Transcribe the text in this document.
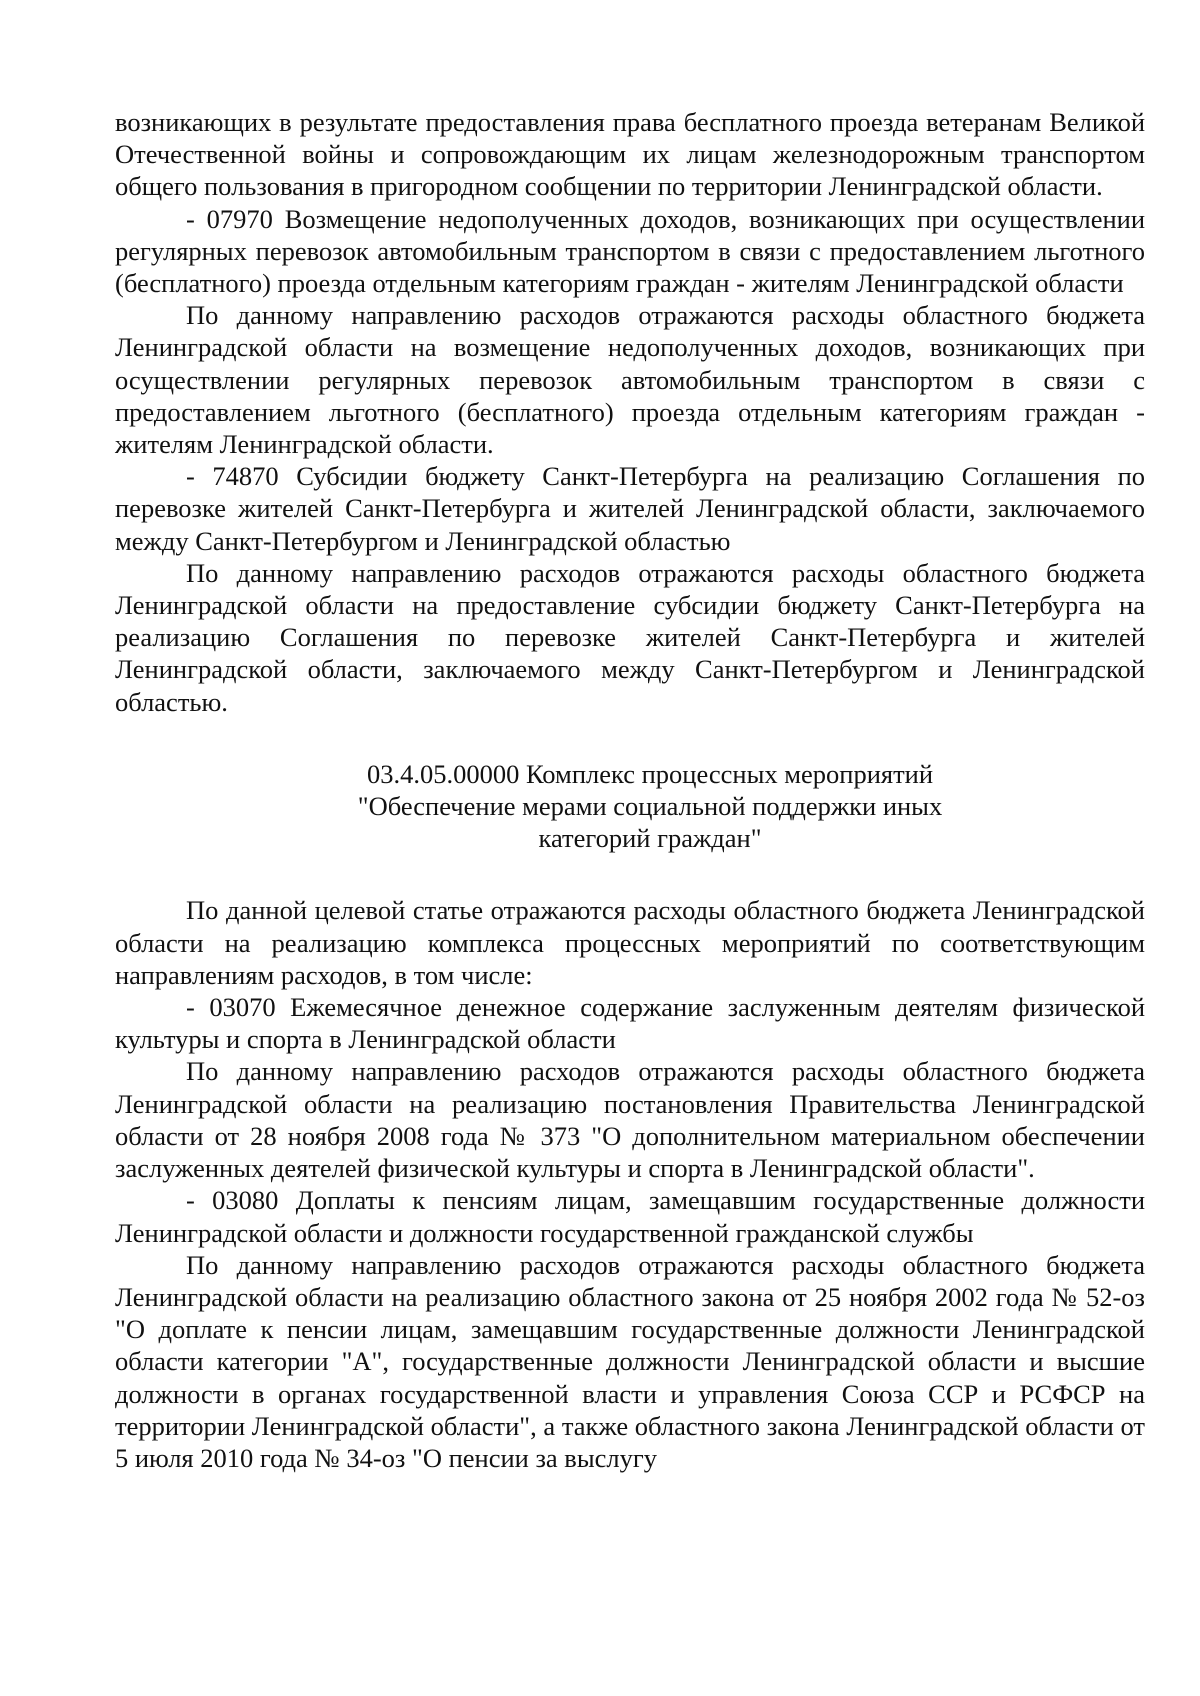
возникающих в результате предоставления права бесплатного проезда ветеранам Великой Отечественной войны и сопровождающим их лицам железнодорожным транспортом общего пользования в пригородном сообщении по территории Ленинградской области.

- 07970 Возмещение недополученных доходов, возникающих при осуществлении регулярных перевозок автомобильным транспортом в связи с предоставлением льготного (бесплатного) проезда отдельным категориям граждан - жителям Ленинградской области

По данному направлению расходов отражаются расходы областного бюджета Ленинградской области на возмещение недополученных доходов, возникающих при осуществлении регулярных перевозок автомобильным транспортом в связи с предоставлением льготного (бесплатного) проезда отдельным категориям граждан - жителям Ленинградской области.

- 74870 Субсидии бюджету Санкт-Петербурга на реализацию Соглашения по перевозке жителей Санкт-Петербурга и жителей Ленинградской области, заключаемого между Санкт-Петербургом и Ленинградской областью

По данному направлению расходов отражаются расходы областного бюджета Ленинградской области на предоставление субсидии бюджету Санкт-Петербурга на реализацию Соглашения по перевозке жителей Санкт-Петербурга и жителей Ленинградской области, заключаемого между Санкт-Петербургом и Ленинградской областью.

03.4.05.00000 Комплекс процессных мероприятий
"Обеспечение мерами социальной поддержки иных
категорий граждан"

По данной целевой статье отражаются расходы областного бюджета Ленинградской области на реализацию комплекса процессных мероприятий по соответствующим направлениям расходов, в том числе:

- 03070 Ежемесячное денежное содержание заслуженным деятелям физической культуры и спорта в Ленинградской области

По данному направлению расходов отражаются расходы областного бюджета Ленинградской области на реализацию постановления Правительства Ленинградской области от 28 ноября 2008 года № 373 "О дополнительном материальном обеспечении заслуженных деятелей физической культуры и спорта в Ленинградской области".

- 03080 Доплаты к пенсиям лицам, замещавшим государственные должности Ленинградской области и должности государственной гражданской службы

По данному направлению расходов отражаются расходы областного бюджета Ленинградской области на реализацию областного закона от 25 ноября 2002 года № 52-оз "О доплате к пенсии лицам, замещавшим государственные должности Ленинградской области категории "А", государственные должности Ленинградской области и высшие должности в органах государственной власти и управления Союза ССР и РСФСР на территории Ленинградской области", а также областного закона Ленинградской области от 5 июля 2010 года № 34-оз "О пенсии за выслугу
